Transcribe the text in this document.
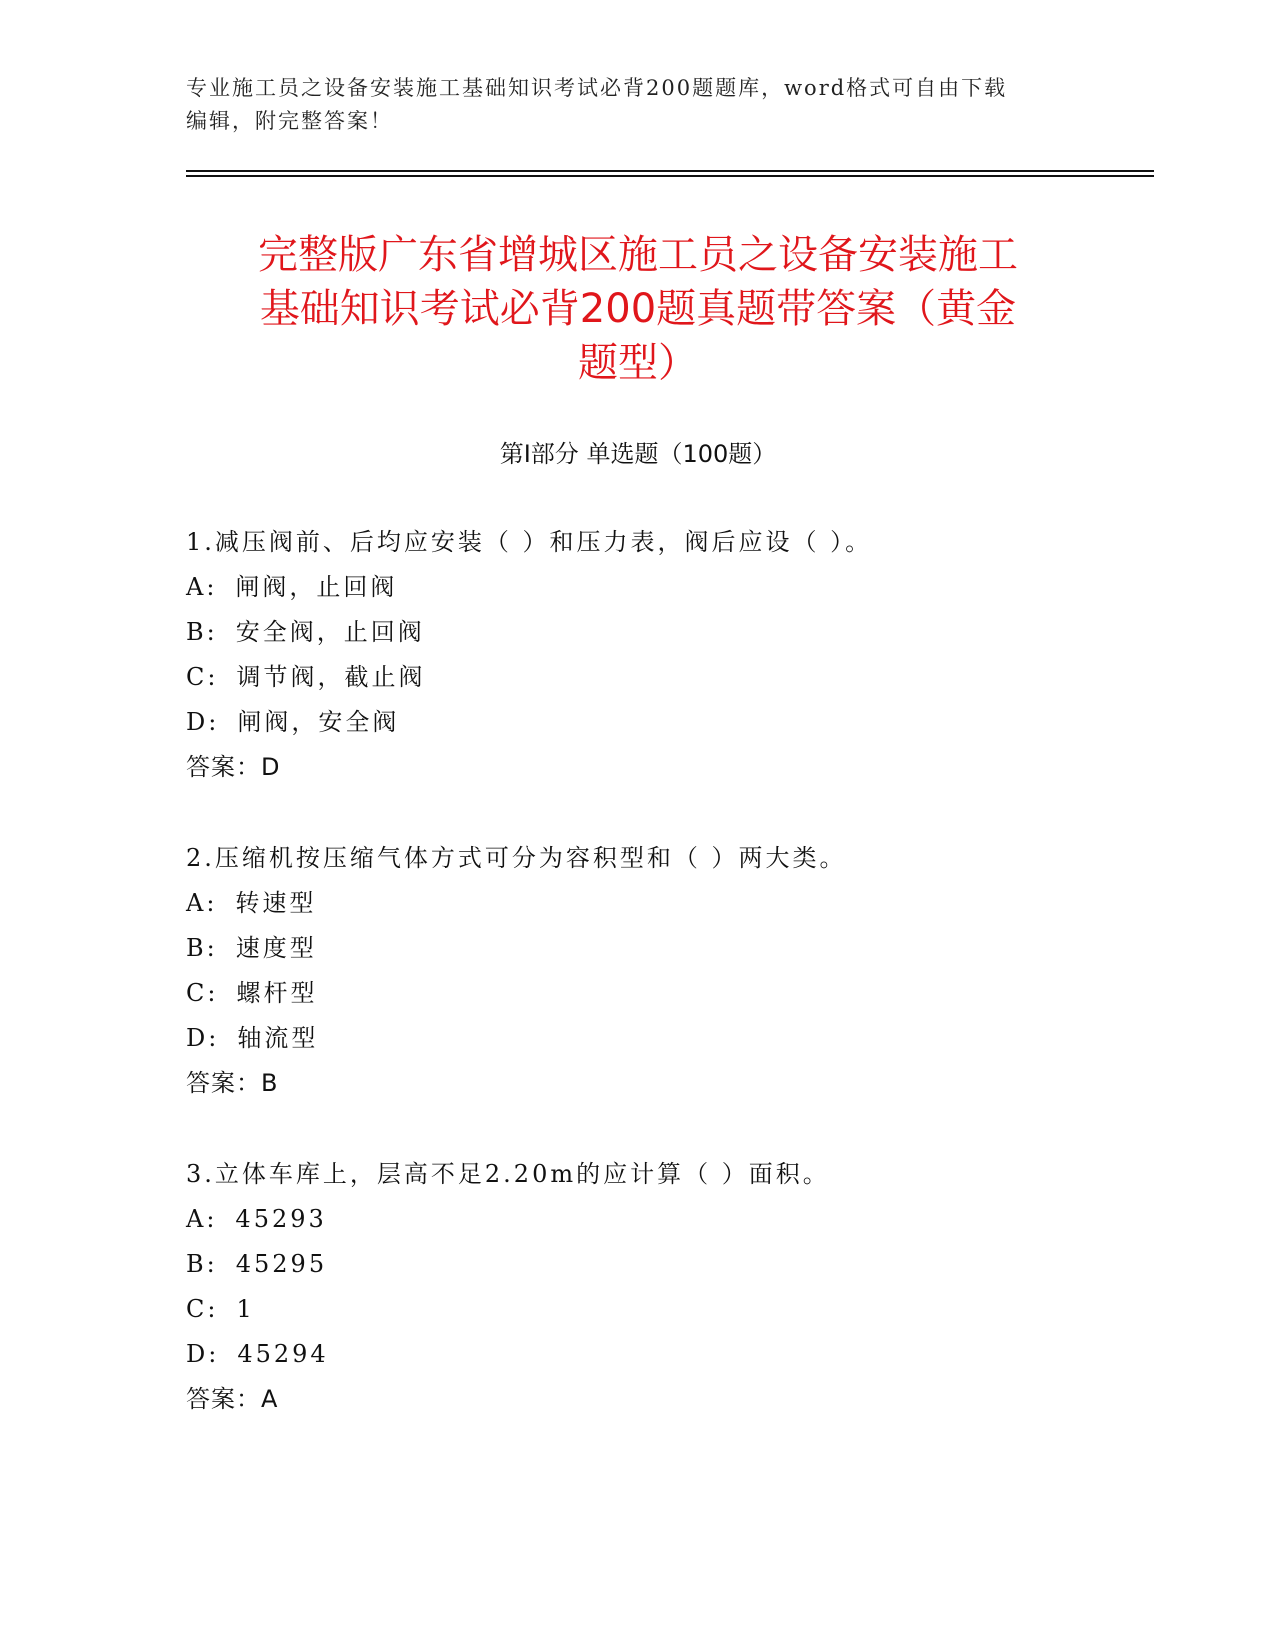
专业施工员之设备安装施工基础知识考试必背200题题库，word格式可自由下载
编辑，附完整答案！
完整版广东省增城区施工员之设备安装施工
基础知识考试必背200题真题带答案（黄金
题型）
第Ⅰ部分 单选题（100题）
1.减压阀前、后均应安装（ ）和压力表，阀后应设（ ）。
A: 闸阀，止回阀
B: 安全阀，止回阀
C: 调节阀，截止阀
D: 闸阀，安全阀
答案：D
2.压缩机按压缩气体方式可分为容积型和（ ）两大类。
A: 转速型
B: 速度型
C: 螺杆型
D: 轴流型
答案：B
3.立体车库上，层高不足2.20m的应计算（ ）面积。
A: 45293
B: 45295
C: 1
D: 45294
答案：A
